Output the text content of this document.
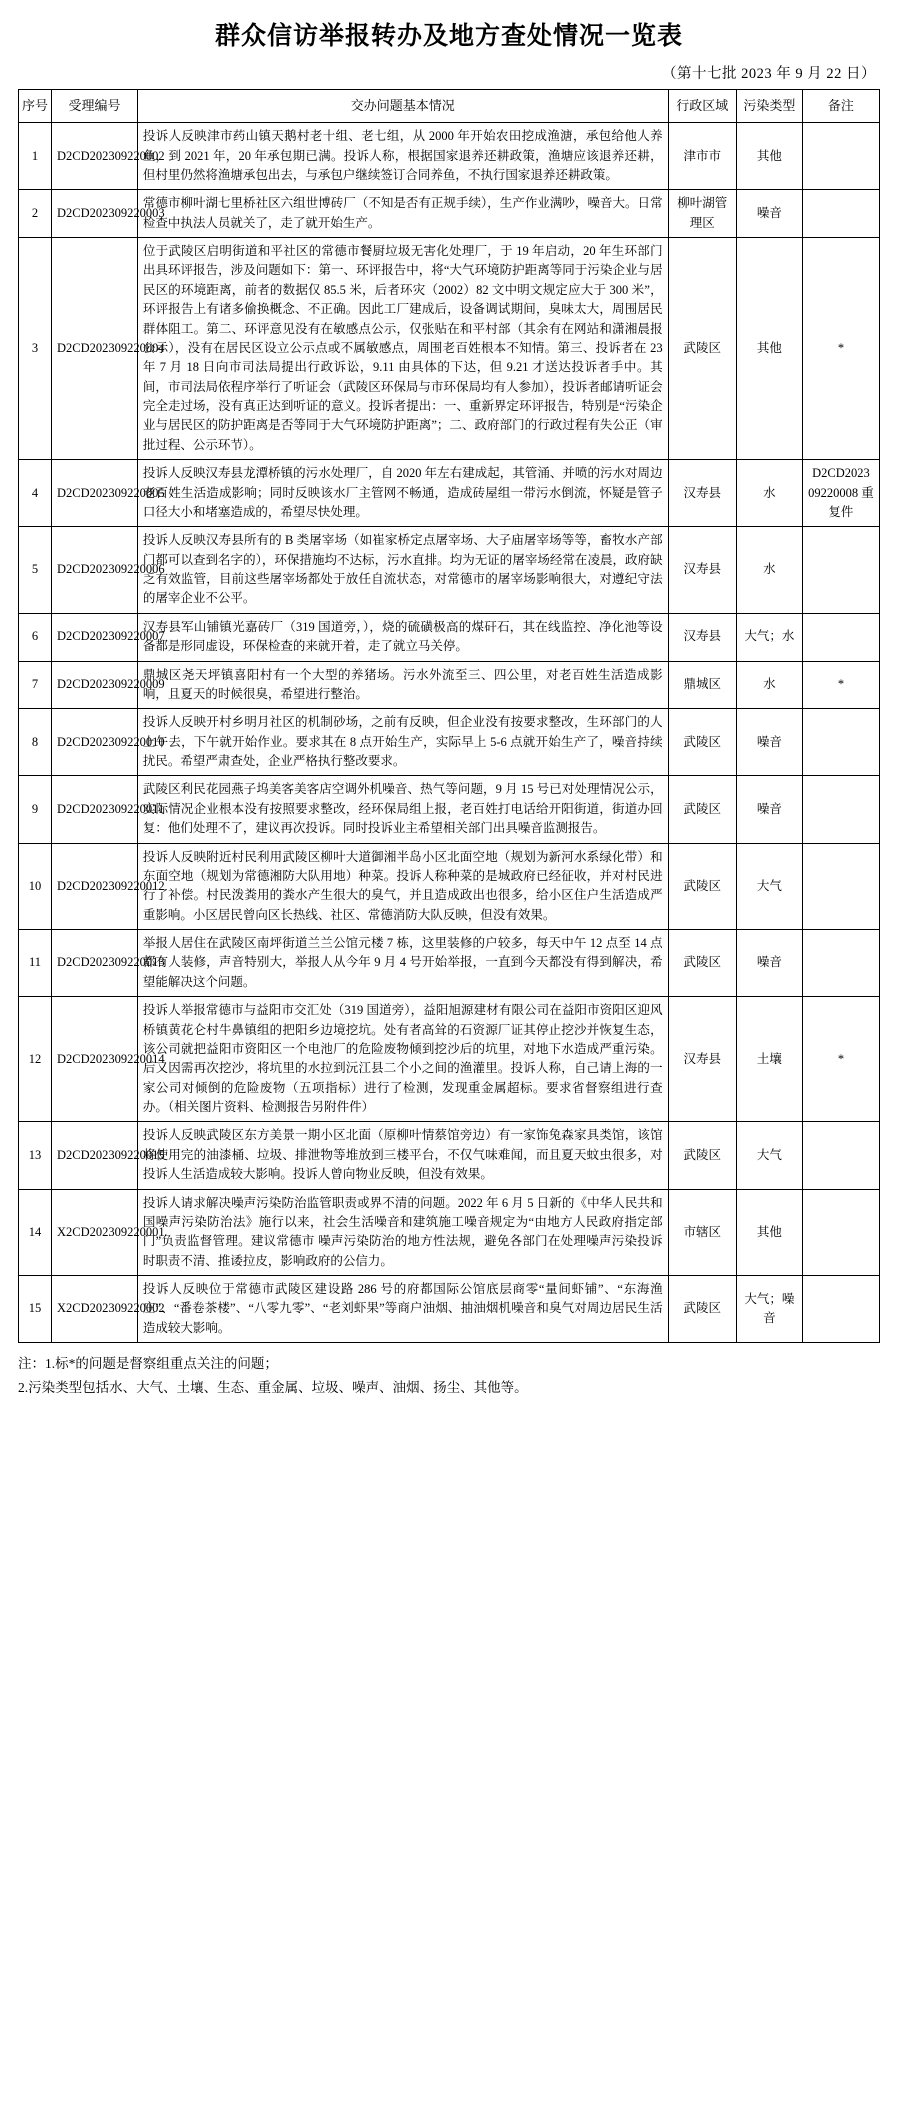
群众信访举报转办及地方查处情况一览表
（第十七批 2023 年 9 月 22 日）
序号	受理编号	交办问题基本情况	行政区域	污染类型	备注
1	D2CD202309220002	投诉人反映津市药山镇天鹅村老十组、老七组，从 2000 年开始农田挖成渔溏，承包给他人养鱼，到 2021 年，20 年承包期已满。投诉人称，根据国家退养还耕政策，渔塘应该退养还耕，但村里仍然将渔塘承包出去，与承包户继续签订合同养鱼，不执行国家退养还耕政策。	津市市	其他	
2	D2CD202309220003	常德市柳叶湖七里桥社区六组世博砖厂（不知是否有正规手续），生产作业满吵，噪音大。日常检查中执法人员就关了，走了就开始生产。	柳叶湖管理区	噪音	
3	D2CD202309220004	位于武陵区启明街道和平社区的常德市餐厨垃圾无害化处理厂，于 19 年启动，20 年生环部门出具环评报告，涉及问题如下：第一、环评报告中，将“大气环境防护距离等同于污染企业与居民区的环境距离，前者的数据仅 85.5 米，后者环灾（2002）82 文中明文规定应大于 300 米”，环评报告上有诸多偷换概念、不正确。因此工厂建成后，设备调试期间，臭味太大，周围居民群体阻工。第二、环评意见没有在敏感点公示，仅张贴在和平村部（其余有在网站和潇湘晨报公示），没有在居民区设立公示点或不属敏感点，周围老百姓根本不知情。第三、投诉者在 23 年 7 月 18 日向市司法局提出行政诉讼，9.11 由具体的下达，但 9.21 才送达投诉者手中。其间，市司法局依程序举行了听证会（武陵区环保局与市环保局均有人参加），投诉者邮请听证会完全走过场，没有真正达到听证的意义。投诉者提出：一、重新界定环评报告，特别是“污染企业与居民区的防护距离是否等同于大气环境防护距离”；二、政府部门的行政过程有失公正（审批过程、公示环节）。	武陵区	其他	*
4	D2CD202309220005	投诉人反映汉寿县龙潭桥镇的污水处理厂，自 2020 年左右建成起，其管涌、并喷的污水对周边老百姓生活造成影响；同时反映该水厂主管网不畅通，造成砖屋组一带污水倒流，怀疑是管子口径大小和堵塞造成的，希望尽快处理。	汉寿县	水	D2CD2023 09220008 重复件
5	D2CD202309220006	投诉人反映汉寿县所有的 B 类屠宰场（如崔家桥定点屠宰场、大子庙屠宰场等等，畜牧水产部门都可以查到名字的），环保措施均不达标，污水直排。均为无证的屠宰场经常在凌晨，政府缺乏有效监管，目前这些屠宰场都处于放任自流状态，对常德市的屠宰场影响很大，对遵纪守法的屠宰企业不公平。	汉寿县	水	
6	D2CD202309220007	汉寿县军山铺镇光嘉砖厂（319 国道旁，），烧的硫磺极高的煤矸石，其在线监控、净化池等设备都是形同虚设，环保检查的来就开着，走了就立马关停。	汉寿县	大气；水	
7	D2CD202309220009	鼎城区尧天坪镇喜阳村有一个大型的养猪场。污水外流至三、四公里，对老百姓生活造成影响，且夏天的时候很臭，希望进行整治。	鼎城区	水	*
8	D2CD202309220010	投诉人反映开村乡明月社区的机制砂场，之前有反映，但企业没有按要求整改，生环部门的人上午去，下午就开始作业。要求其在 8 点开始生产，实际早上 5-6 点就开始生产了，噪音持续扰民。希望严肃查处，企业严格执行整改要求。	武陵区	噪音	
9	D2CD202309220011	武陵区利民花园燕子坞美客美客店空调外机噪音、热气等问题，9 月 15 号已对处理情况公示，实际情况企业根本没有按照要求整改，经环保局组上报，老百姓打电话给开阳街道，街道办回复：他们处理不了，建议再次投诉。同时投诉业主希望相关部门出具噪音监测报告。	武陵区	噪音	
10	D2CD202309220012	投诉人反映附近村民利用武陵区柳叶大道御湘半岛小区北面空地（规划为新河水系绿化带）和东面空地（规划为常德湘防大队用地）种菜。投诉人称种菜的是城政府已经征收，并对村民进行了补偿。村民泼粪用的粪水产生很大的臭气，并且造成政出也很多，给小区住户生活造成严重影响。小区居民曾向区长热线、社区、常德消防大队反映，但没有效果。	武陵区	大气	
11	D2CD202309220013	举报人居住在武陵区南坪街道兰兰公馆元楼 7 栋，这里装修的户较多，每天中午 12 点至 14 点都有人装修，声音特别大，举报人从今年 9 月 4 号开始举报，一直到今天都没有得到解决，希望能解决这个问题。	武陵区	噪音	
12	D2CD202309220014	投诉人举报常德市与益阳市交汇处（319 国道旁），益阳旭源建材有限公司在益阳市资阳区迎风桥镇黄花仑村牛鼻镇组的把阳乡边境挖坑。处有者高耸的石资源厂证其停止挖沙并恢复生态，该公司就把益阳市资阳区一个电池厂的危险废物倾到挖沙后的坑里，对地下水造成严重污染。后又因需再次挖沙，将坑里的水拉到沅江县二个小之间的渔灌里。投诉人称，自己请上海的一家公司对倾倒的危险废物（五项指标）进行了检测，发现重金属超标。要求省督察组进行查办。（相关图片资料、检测报告另附件件）	汉寿县	土壤	*
13	D2CD202309220015	投诉人反映武陵区东方美景一期小区北面（原柳叶情蔡馆旁边）有一家饰兔森家具类馆，该馆将使用完的油漆桶、垃圾、排泄物等堆放到三楼平台，不仅气味难闻，而且夏天蚊虫很多，对投诉人生活造成较大影响。投诉人曾向物业反映，但没有效果。	武陵区	大气	
14	X2CD202309220001	投诉人请求解决噪声污染防治监管职责或界不清的问题。2022 年 6 月 5 日新的《中华人民共和国噪声污染防治法》施行以来，社会生活噪音和建筑施工噪音规定为“由地方人民政府指定部门”负责监督管理。建议常德市 噪声污染防治的地方性法规，避免各部门在处理噪声污染投诉时职责不清、推诿拉皮，影响政府的公信力。	市辖区	其他	
15	X2CD202309220002	投诉人反映位于常德市武陵区建设路 286 号的府都国际公馆底层商零“量间虾铺”、“东海渔庄”、“番卷茶楼”、“八零九零”、“老刘虾果”等商户油烟、抽油烟机噪音和臭气对周边居民生活造成较大影响。	武陵区	大气；噪音	
注：1.标*的问题是督察组重点关注的问题；
2.污染类型包括水、大气、土壤、生态、重金属、垃圾、噪声、油烟、扬尘、其他等。
